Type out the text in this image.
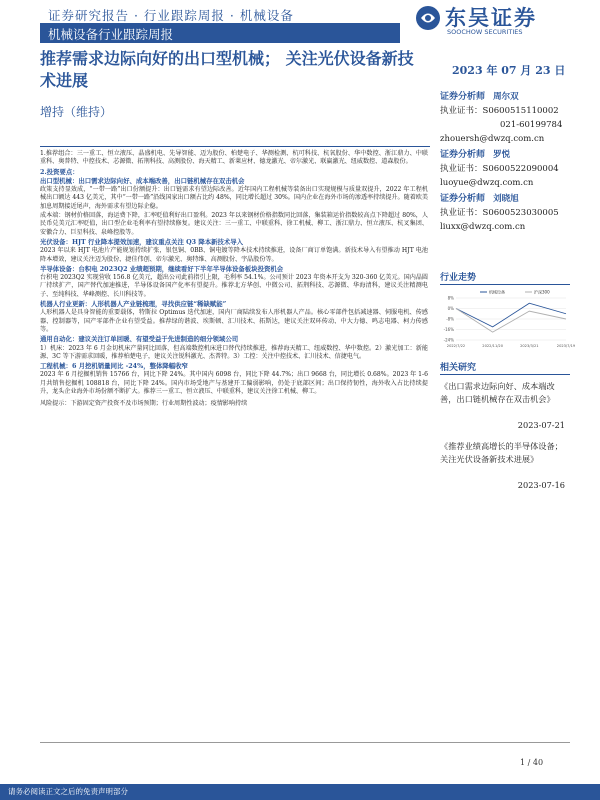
证券研究报告 · 行业跟踪周报 · 机械设备
机械设备行业跟踪周报
东吴证券
SOOCHOW SECURITIES
推荐需求边际向好的出口型机械； 关注光伏设备新技术进展
2023 年 07 月 23 日
增持（维持）

1.推荐组合：三一重工、恒立液压、晶盛机电、先导智能、迈为股份、柏楚电子、华测检测、杭可科技、杭氧股份、华中数控、浙江鼎力、中联重科、奥普特、中控技术、芯源微、拓荆科技、高测股份、海天精工、新莱应材、德龙激光、帝尔激光、联赢激光、纽威数控、道森股份。

2.投资要点：

出口型机械：出口需求边际向好、成本端改善，出口链机械存在双击机会

政策支持显效成，“一带一路”出口份额提升：出口链需求有望边际改善。近年国内工程机械等装备出口实现规模与质量双提升，2022 年工程机械出口额达 443 亿美元，其中“一带一路”沿线国家出口额占比约 48%，同比增长超过 30%。国内企业在海外市场的渗透率持续提升。随着欧美加息周期接近尾声，海外需求有望边际企稳。

成本端：钢材价格回落，海运费下降，汇率贬值利好出口盈利。2023 年以来钢材价格指数同比回落，集装箱运价指数较高点下降超过 80%，人民币兑美元汇率贬值，出口型企业毛利率有望持续修复。建议关注：三一重工、中联重科、徐工机械、柳工、浙江鼎力、恒立液压、杭叉集团、安徽合力、巨星科技、泉峰控股等。

光伏设备：HJT 行业降本提效加速，建议重点关注 Q3 降本新技术导入

2023 年以来 HJT 电池片产能规划持续扩张，银包铜、0BB、铜电镀等降本技术持续推进，设备厂商订单饱满。新技术导入有望推动 HJT 电池降本增效，建议关注迈为股份、捷佳伟创、帝尔激光、奥特维、高测股份、宇晶股份等。

半导体设备：台积电 2023Q2 业绩超预期，继续看好下半年半导体设备板块投资机会

台积电 2023Q2 实现营收 156.8 亿美元，超出公司此前指引上限，毛利率 54.1%。公司预计 2023 年资本开支为 320-360 亿美元。国内晶圆厂持续扩产，国产替代加速推进，半导体设备国产化率有望提升。推荐北方华创、中微公司、拓荆科技、芯源微、华海清科，建议关注精测电子、至纯科技、华峰测控、长川科技等。

机器人行业更新：人形机器人产业链梳理，寻找供应链“稀缺赋能”

人形机器人是具身智能的重要载体，特斯拉 Optimus 迭代加速，国内厂商陆续发布人形机器人产品。核心零部件包括减速器、伺服电机、传感器、控制器等，国产零部件企业有望受益。推荐绿的谐波、埃斯顿、汇川技术、拓斯达，建议关注双环传动、中大力德、鸣志电器、柯力传感等。

通用自动化：建议关注订单回暖、有望受益于先进制造的细分领域公司

1）机床：2023 年 6 月金切机床产量同比回落，但高端数控机床进口替代持续推进，推荐海天精工、纽威数控、华中数控。2）激光加工：新能源、3C 等下游需求回暖，推荐柏楚电子，建议关注锐科激光、杰普特。3）工控：关注中控技术、汇川技术、信捷电气。

工程机械：6 月挖机销量同比 -24%，整体降幅收窄

2023 年 6 月挖掘机销售 15766 台，同比下降 24%。其中国内 6098 台，同比下降 44.7%；出口 9668 台，同比增长 0.68%。2023 年 1-6 月共销售挖掘机 108818 台，同比下降 24%。国内市场受地产与基建开工偏弱影响，仍处于底部区间；出口保持韧性，海外收入占比持续提升，龙头企业海外市场份额不断扩大。推荐三一重工、恒立液压、中联重科，建议关注徐工机械、柳工。

风险提示：下游固定资产投资不及市场预期；行业周期性波动；疫情影响持续

证券分析师 周尔双
执业证书：S0600515110002
021-60199784
zhouersh@dwzq.com.cn
证券分析师 罗悦
执业证书：S0600522090004
luoyue@dwzq.com.cn
证券分析师 刘晓旭
执业证书：S0600523030005
liuxx@dwzq.com.cn
行业走势
8%
0%
-8%
-16%
-24%
2022/7/22	2022/11/20	2023/3/21	2023/7/19
机械设备	沪深300
相关研究
《出口需求边际向好、成本端改善，出口链机械存在双击机会》
2023-07-21
《推荐业绩高增长的半导体设备；关注光伏设备新技术进展》
2023-07-16
1 / 40
请务必阅读正文之后的免责声明部分
